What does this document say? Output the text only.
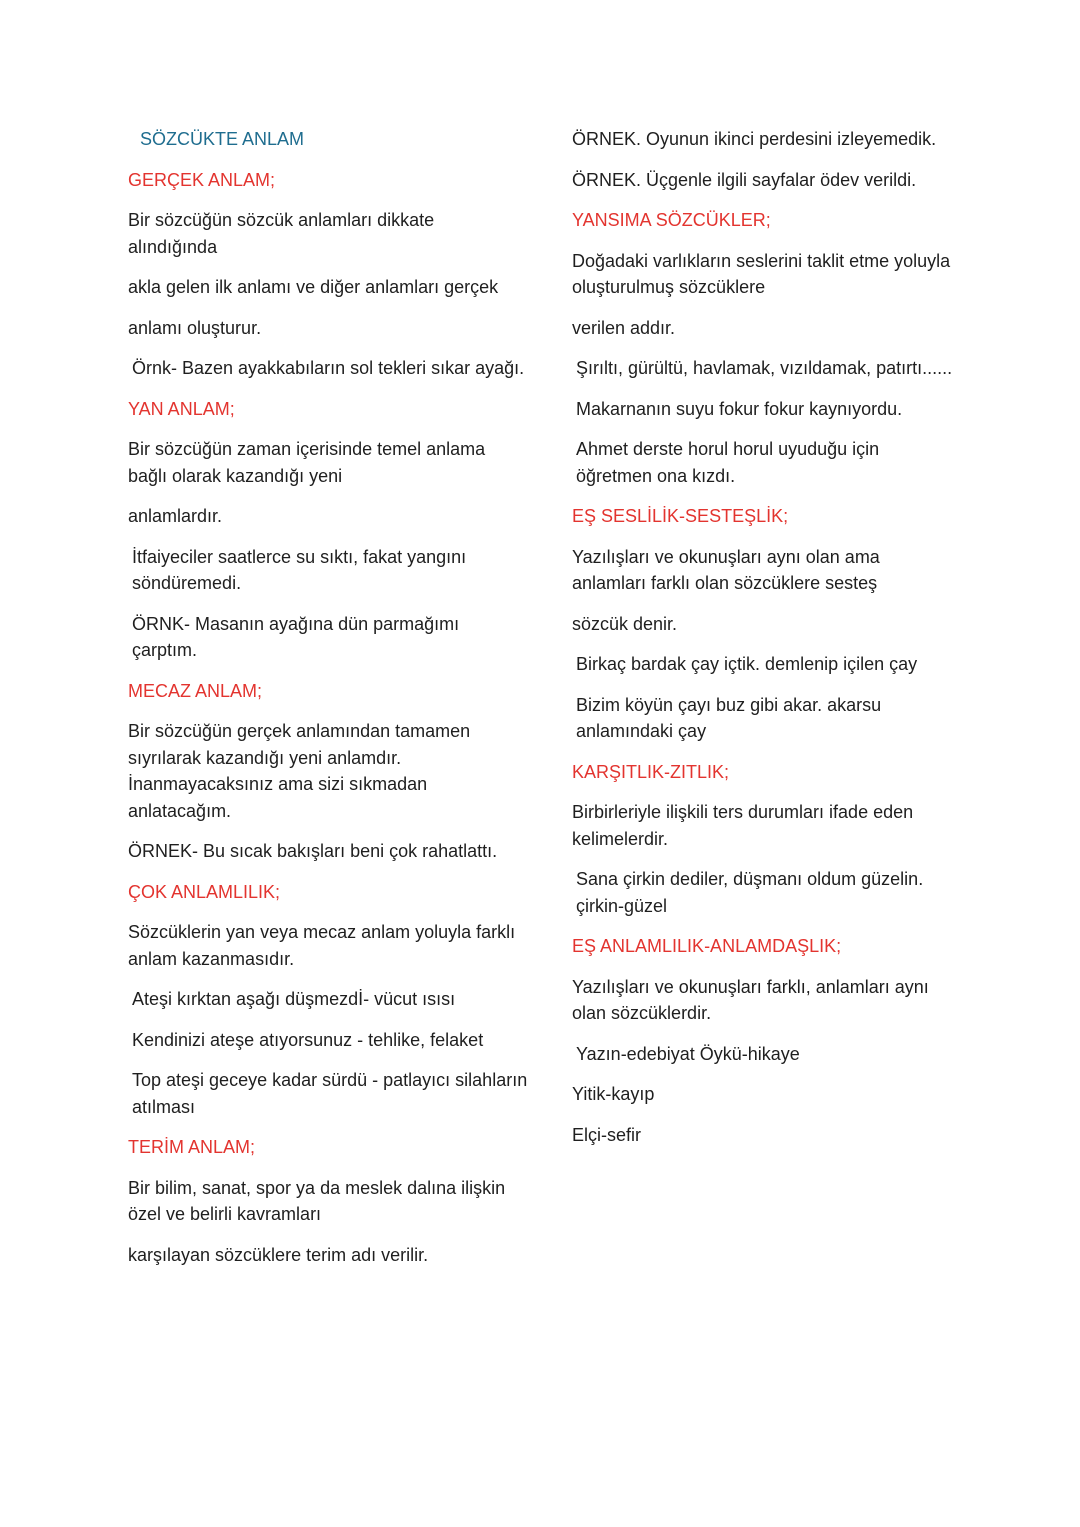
SÖZCÜKTE ANLAM
GERÇEK ANLAM;

Bir sözcüğün sözcük anlamları dikkate alındığında

akla gelen ilk anlamı ve diğer anlamları gerçek

anlamı oluşturur.

Örnk- Bazen ayakkabıların sol tekleri sıkar ayağı.

YAN ANLAM;

Bir sözcüğün zaman içerisinde temel anlama bağlı olarak kazandığı yeni

anlamlardır.

İtfaiyeciler saatlerce su sıktı, fakat yangını söndüremedi.

ÖRNK- Masanın ayağına dün parmağımı çarptım.

MECAZ ANLAM;

Bir sözcüğün gerçek anlamından tamamen sıyrılarak kazandığı yeni anlamdır. İnanmayacaksınız ama sizi sıkmadan anlatacağım.

ÖRNEK- Bu sıcak bakışları beni çok rahatlattı.

ÇOK ANLAMLILIK;

Sözcüklerin yan veya mecaz anlam yoluyla farklı anlam kazanmasıdır.

Ateşi kırktan aşağı düşmezdİ- vücut ısısı

Kendinizi ateşe atıyorsunuz - tehlike, felaket

Top ateşi geceye kadar sürdü - patlayıcı silahların atılması

TERİM ANLAM;

Bir bilim, sanat, spor ya da meslek dalına ilişkin özel ve belirli kavramları

karşılayan sözcüklere terim adı verilir.

ÖRNEK. Oyunun ikinci perdesini izleyemedik.

ÖRNEK. Üçgenle ilgili sayfalar ödev verildi.

YANSIMA SÖZCÜKLER;

Doğadaki varlıkların seslerini taklit etme yoluyla oluşturulmuş sözcüklere

verilen addır.

Şırıltı, gürültü, havlamak, vızıldamak, patırtı......

Makarnanın suyu fokur fokur kaynıyordu.

Ahmet derste horul horul uyuduğu için öğretmen ona kızdı.

EŞ SESLİLİK-SESTEŞLİK;

Yazılışları ve okunuşları aynı olan ama anlamları farklı olan sözcüklere sesteş

sözcük denir.

Birkaç bardak çay içtik. demlenip içilen çay

Bizim köyün çayı buz gibi akar. akarsu anlamındaki çay

KARŞITLIK-ZITLIK;

Birbirleriyle ilişkili ters durumları ifade eden kelimelerdir.

Sana çirkin dediler, düşmanı oldum güzelin. çirkin-güzel

EŞ ANLAMLILIK-ANLAMDAŞLIK;

Yazılışları ve okunuşları farklı, anlamları aynı olan sözcüklerdir.

Yazın-edebiyat Öykü-hikaye

Yitik-kayıp

Elçi-sefir
